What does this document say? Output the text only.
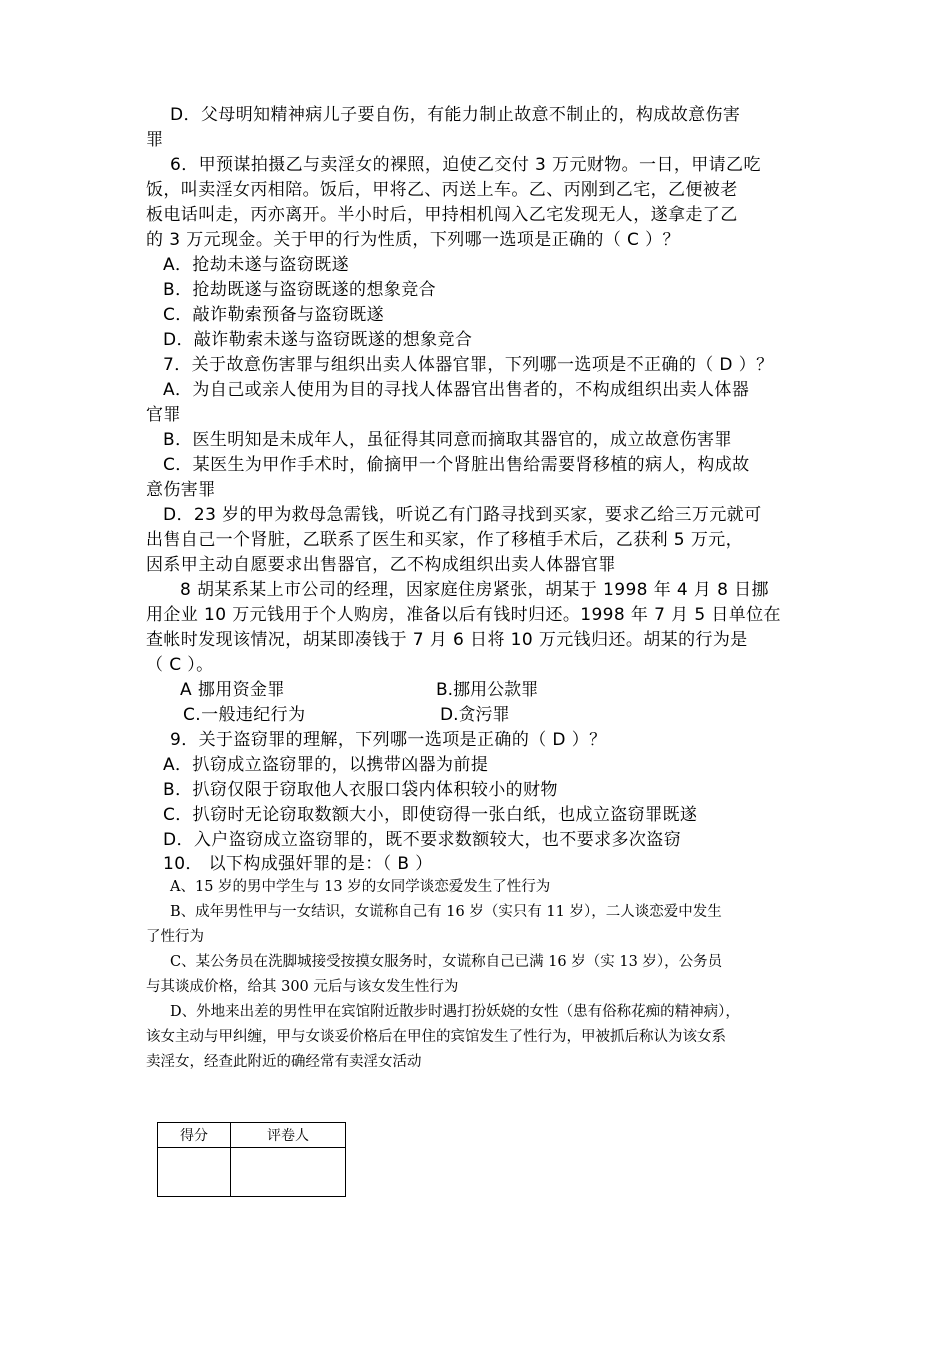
D．父母明知精神病儿子要自伤，有能力制止故意不制止的，构成故意伤害
罪
6．甲预谋拍摄乙与卖淫女的裸照，迫使乙交付 3 万元财物。一日，甲请乙吃
饭，叫卖淫女丙相陪。饭后，甲将乙、丙送上车。乙、丙刚到乙宅，乙便被老
板电话叫走，丙亦离开。半小时后，甲持相机闯入乙宅发现无人，遂拿走了乙
的 3 万元现金。关于甲的行为性质，下列哪一选项是正确的（ C ）？
A．抢劫未遂与盗窃既遂
B．抢劫既遂与盗窃既遂的想象竞合
C．敲诈勒索预备与盗窃既遂
D．敲诈勒索未遂与盗窃既遂的想象竞合
7．关于故意伤害罪与组织出卖人体器官罪，下列哪一选项是不正确的（ D ）？
A．为自己或亲人使用为目的寻找人体器官出售者的，不构成组织出卖人体器
官罪
B．医生明知是未成年人，虽征得其同意而摘取其器官的，成立故意伤害罪
C．某医生为甲作手术时，偷摘甲一个肾脏出售给需要肾移植的病人，构成故
意伤害罪
D．23 岁的甲为救母急需钱，听说乙有门路寻找到买家，要求乙给三万元就可
出售自己一个肾脏，乙联系了医生和买家，作了移植手术后，乙获利 5 万元，
因系甲主动自愿要求出售器官，乙不构成组织出卖人体器官罪
8 胡某系某上市公司的经理，因家庭住房紧张，胡某于 1998 年 4 月 8 日挪
用企业 10 万元钱用于个人购房，准备以后有钱时归还。1998 年 7 月 5 日单位在
查帐时发现该情况，胡某即凑钱于 7 月 6 日将 10 万元钱归还。胡某的行为是
（ C ）。
A 挪用资金罪	B.挪用公款罪
C.一般违纪行为	D.贪污罪
9．关于盗窃罪的理解，下列哪一选项是正确的（ D ）？
A．扒窃成立盗窃罪的，以携带凶器为前提
B．扒窃仅限于窃取他人衣服口袋内体积较小的财物
C．扒窃时无论窃取数额大小，即使窃得一张白纸，也成立盗窃罪既遂
D．入户盗窃成立盗窃罪的，既不要求数额较大，也不要求多次盗窃
10． 以下构成强奸罪的是：（ B ）
A、15 岁的男中学生与 13 岁的女同学谈恋爱发生了性行为
B、成年男性甲与一女结识，女谎称自己有 16 岁（实只有 11 岁），二人谈恋爱中发生
了性行为
C、某公务员在洗脚城接受按摸女服务时，女谎称自己已满 16 岁（实 13 岁），公务员
与其谈成价格，给其 300 元后与该女发生性行为
D、外地来出差的男性甲在宾馆附近散步时遇打扮妖娆的女性（患有俗称花痴的精神病），
该女主动与甲纠缠，甲与女谈妥价格后在甲住的宾馆发生了性行为，甲被抓后称认为该女系
卖淫女，经查此附近的确经常有卖淫女活动
得分	评卷人
